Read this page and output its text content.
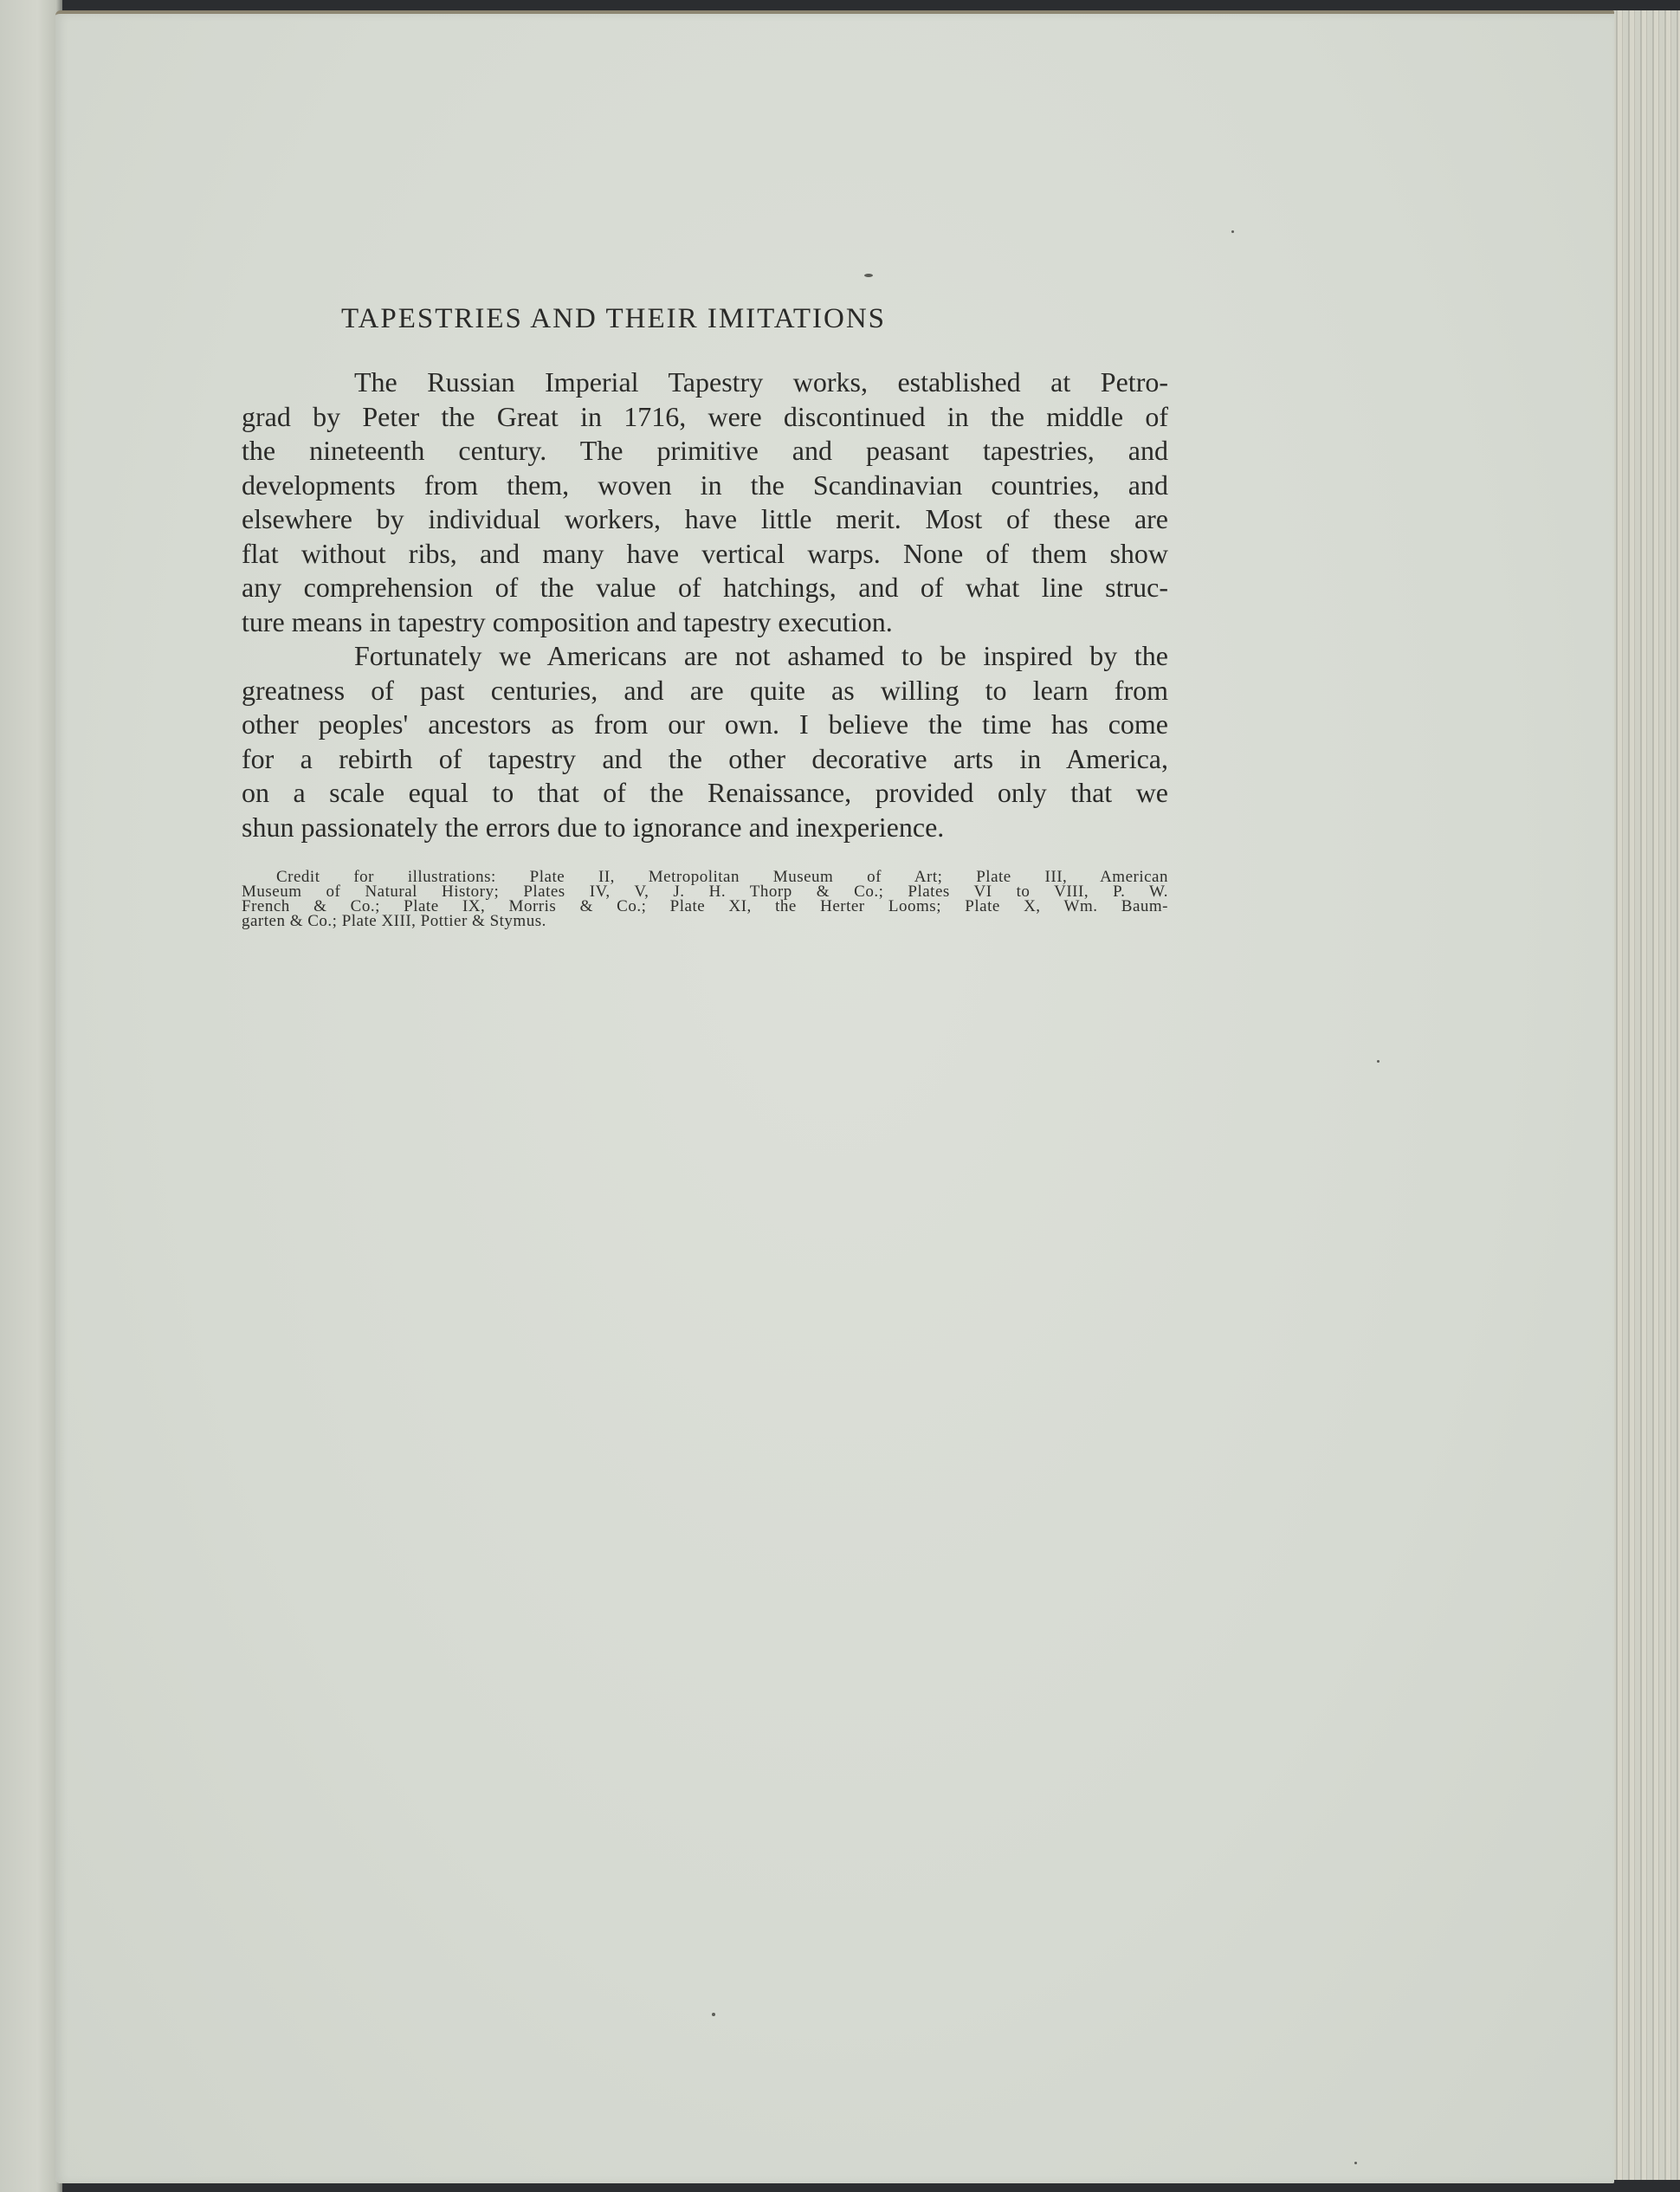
TAPESTRIES AND THEIR IMITATIONS
The Russian Imperial Tapestry works, established at Petro-
grad by Peter the Great in 1716, were discontinued in the middle of
the nineteenth century. The primitive and peasant tapestries, and
developments from them, woven in the Scandinavian countries, and
elsewhere by individual workers, have little merit. Most of these are
flat without ribs, and many have vertical warps. None of them show
any comprehension of the value of hatchings, and of what line struc-
ture means in tapestry composition and tapestry execution.
Fortunately we Americans are not ashamed to be inspired by the
greatness of past centuries, and are quite as willing to learn from
other peoples' ancestors as from our own. I believe the time has come
for a rebirth of tapestry and the other decorative arts in America,
on a scale equal to that of the Renaissance, provided only that we
shun passionately the errors due to ignorance and inexperience.
Credit for illustrations: Plate II, Metropolitan Museum of Art; Plate III, American
Museum of Natural History; Plates IV, V, J. H. Thorp & Co.; Plates VI to VIII, P. W.
French & Co.; Plate IX, Morris & Co.; Plate XI, the Herter Looms; Plate X, Wm. Baum-
garten & Co.; Plate XIII, Pottier & Stymus.
